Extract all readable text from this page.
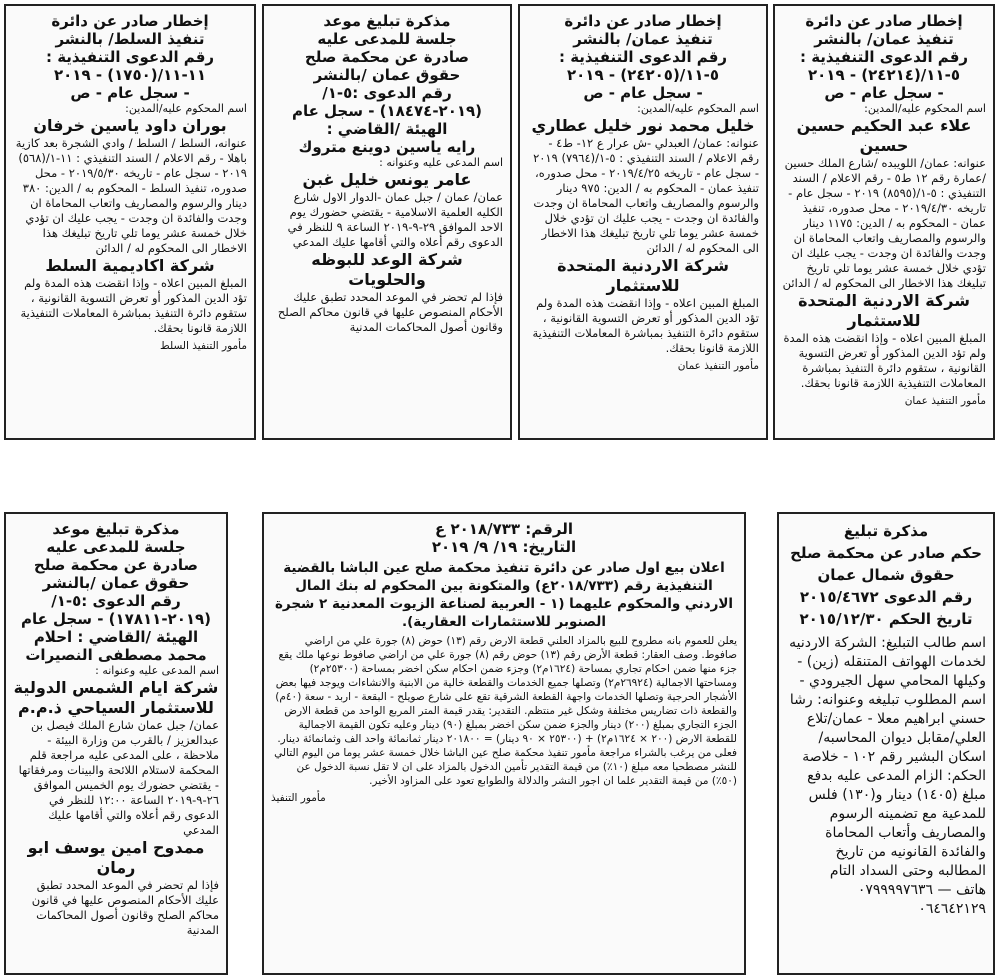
إخطار صادر عن دائرة

تنفيذ عمان/ بالنشر

رقم الدعوى التنفيذية :

٥-١١/(٢٤٢١٤) - ٢٠١٩

- سجل عام - ص

اسم المحكوم عليه/المدين:

علاء عبد الحكيم حسين حسين

عنوانه: عمان/ اللويبده /شارع الملك حسين /عمارة رقم ١٢ ط٥ - رقم الاعلام / السند التنفيذي : ٥-١/(٨٥٩٥) ٢٠١٩ - سجل عام - تاريخه ٢٠١٩/٤/٣٠ - محل صدوره، تنفيذ عمان - المحكوم به / الدين: ١١٧٥ دينار والرسوم والمصاريف واتعاب المحاماة ان وجدت والفائدة ان وجدت - يجب عليك ان تؤدي خلال خمسة عشر يوما تلي تاريخ تبليغك هذا الاخطار الى المحكوم له / الدائن

شركة الاردنية المتحدة للاستثمار

المبلغ المبين اعلاه - وإذا انقضت هذه المدة ولم تؤد الدين المذكور أو تعرض التسوية القانونية ، ستقوم دائرة التنفيذ بمباشرة المعاملات التنفيذية اللازمة قانونا بحقك.

مأمور التنفيذ عمان

إخطار صادر عن دائرة

تنفيذ عمان/ بالنشر

رقم الدعوى التنفيذية :

٥-١١/(٢٤٢٠٥) - ٢٠١٩

- سجل عام - ص

اسم المحكوم عليه/المدين:

خليل محمد نور خليل عطاري

عنوانه: عمان/ العبدلي -ش عرار ع ١٢- ط٤ - رقم الاعلام / السند التنفيذي : ٥-١/(٧٩٦٤) ٢٠١٩ - سجل عام - تاريخه ٢٠١٩/٤/٢٥ - محل صدوره، تنفيذ عمان - المحكوم به / الدين: ٩٧٥ دينار والرسوم والمصاريف واتعاب المحاماة ان وجدت والفائدة ان وجدت - يجب عليك ان تؤدي خلال خمسة عشر يوما تلي تاريخ تبليغك هذا الاخطار الى المحكوم له / الدائن

شركة الاردنية المتحدة للاستثمار

المبلغ المبين اعلاه - وإذا انقضت هذه المدة ولم تؤد الدين المذكور أو تعرض التسوية القانونية ، ستقوم دائرة التنفيذ بمباشرة المعاملات التنفيذية اللازمة قانونا بحقك.

مأمور التنفيذ عمان

مذكرة تبليغ موعد

جلسة للمدعى عليه

صادرة عن محكمة صلح

حقوق عمان /بالنشر

رقم الدعوى :٥-١/

(٢٠١٩-١٨٤٧٤) - سجل عام

الهيئة /القاضي :

رايه ياسين دوينع متروك

اسم المدعى عليه وعنوانه :

عامر يونس خليل غبن

عمان/ عمان / جبل عمان -الدوار الاول شارع الكليه العلمية الاسلامية - يقتضي حضورك يوم الاحد الموافق ٢٩-٩-٢٠١٩ الساعة ٩ للنظر في الدعوى رقم أعلاه والتي أقامها عليك المدعي

شركة الوعد للبوظه والحلويات

فإذا لم تحضر في الموعد المحدد تطبق عليك الأحكام المنصوص عليها في قانون محاكم الصلح وقانون أصول المحاكمات المدنية

إخطار صادر عن دائرة

تنفيذ السلط/ بالنشر

رقم الدعوى التنفيذية :

١١-١١/(١٧٥٠) - ٢٠١٩

- سجل عام - ص

اسم المحكوم عليه/المدين:

بوران داود ياسين خرفان

عنوانه، السلط / السلط / وادي الشجرة بعد كازية باهلا - رقم الاعلام / السند التنفيذي : ١١-١/(٥٦٨) ٢٠١٩ - سجل عام - تاريخه ٢٠١٩/٥/٣٠ - محل صدوره، تنفيذ السلط - المحكوم به / الدين: ٣٨٠ دينار والرسوم والمصاريف واتعاب المحاماة ان وجدت والفائدة ان وجدت - يجب عليك ان تؤدي خلال خمسة عشر يوما تلي تاريخ تبليغك هذا الاخطار الى المحكوم له / الدائن

شركة اكاديمية السلط

المبلغ المبين اعلاه - وإذا انقضت هذه المدة ولم تؤد الدين المذكور أو تعرض التسوية القانونية ، ستقوم دائرة التنفيذ بمباشرة المعاملات التنفيذية اللازمة قانونا بحقك.

مأمور التنفيذ السلط

مذكرة تبليغ

حكم صادر عن محكمة صلح

حقوق شمال عمان

رقم الدعوى ٢٠١٥/٤٦٧٢

تاريخ الحكم ٢٠١٥/١٢/٣٠

اسم طالب التبليغ: الشركة الاردنيه لخدمات الهواتف المتنقله (زين) - وكيلها المحامي سهل الجيرودي - اسم المطلوب تبليغه وعنوانه: رشا حسني ابراهيم معلا - عمان/تلاع العلي/مقابل ديوان المحاسبه/اسكان البشير رقم ١٠٢ - خلاصة الحكم: الزام المدعى عليه بدفع مبلغ (١٤٠٥) دينار و(١٣٠) فلس للمدعية مع تضمينه الرسوم والمصاريف وأتعاب المحاماة والفائدة القانونيه من تاريخ المطالبه وحتى السداد التام

هاتف — ٠٧٩٩٩٩٧٦٣٦

٠٦٤٦٤٢١٢٩

الرقم: ٢٠١٨/٧٣٣ ع

التاريخ: ١٩/ ٩/ ٢٠١٩

اعلان بيع اول صادر عن دائرة تنفيذ محكمة صلح عين الباشا بالقضية التنفيذية رقم (٢٠١٨/٧٣٣ع) والمتكونة بين المحكوم له بنك المال الاردني والمحكوم عليهما (١ - العربية لصناعة الزيوت المعدنية ٢ شجرة الصنوبر للاستثمارات العقارية).

يعلن للعموم بانه مطروح للبيع بالمزاد العلني قطعة الارض رقم (١٣) حوض (٨) جورة علي من اراضي صافوط. وصف العقار: قطعة الأرض رقم (١٣) حوض رقم (٨) جورة علي من اراضي صافوط نوعها ملك يقع جزء منها ضمن احكام تجاري بمساحة (١٦٢٤م٢) وجزء ضمن احكام سكن اخضر بمساحة (٢٥٣٠٠م٢) ومساحتها الاجمالية (٢٦٩٢٤م٢) وتصلها جميع الخدمات والقطعة خالية من الابنية والانشاءات ويوجد فيها بعض الأشجار الحرجية وتصلها الخدمات واجهة القطعة الشرقية تقع على شارع صويلح - البقعة - اربد - سعة (٤٠م) والقطعة ذات تضاريس مختلفة وشكل غير منتظم. التقدير: يقدر قيمة المتر المربع الواحد من قطعة الارض الجزء التجاري بمبلغ (٢٠٠) دينار والجزء ضمن سكن اخضر بمبلغ (٩٠) دينار وعليه تكون القيمة الاجمالية للقطعة الارض (٢٠٠ × ١٦٢٤م٢) + (٢٥٣٠٠ × ٩٠ دينار) = ٢٠١٨٠٠ دينار ثمانمائة واحد الف وثمانمائة دينار. فعلى من يرغب بالشراء مراجعة مأمور تنفيذ محكمة صلح عين الباشا خلال خمسة عشر يوما من اليوم التالي للنشر مصطحبا معه مبلغ (١٠٪) من قيمة التقدير تأمين الدخول بالمزاد على ان لا تقل نسبة الدخول عن (٥٠٪) من قيمة التقدير علما ان اجور النشر والدلالة والطوابع تعود على المزاود الأخير.

مأمور التنفيذ

مذكرة تبليغ موعد

جلسة للمدعى عليه

صادرة عن محكمة صلح

حقوق عمان /بالنشر

رقم الدعوى :٥-١/

(٢٠١٩-١٧٨١١) - سجل عام

الهيئة /القاضي : احلام

محمد مصطفى النصيرات

اسم المدعى عليه وعنوانه :

شركة ايام الشمس الدولية للاستثمار السياحي ذ.م.م

عمان/ جبل عمان شارع الملك فيصل بن عبدالعزيز / بالقرب من وزارة البيئة - ملاحظة ، على المدعى عليه مراجعة قلم المحكمة لاستلام اللائحة والبينات ومرفقاتها - يقتضي حضورك يوم الخميس الموافق ٢٦-٩-٢٠١٩ الساعة ١٢:٠٠ للنظر في الدعوى رقم أعلاه والتي أقامها عليك المدعي

ممدوح امين يوسف ابو رمان

فإذا لم تحضر في الموعد المحدد تطبق عليك الأحكام المنصوص عليها في قانون محاكم الصلح وقانون أصول المحاكمات المدنية
